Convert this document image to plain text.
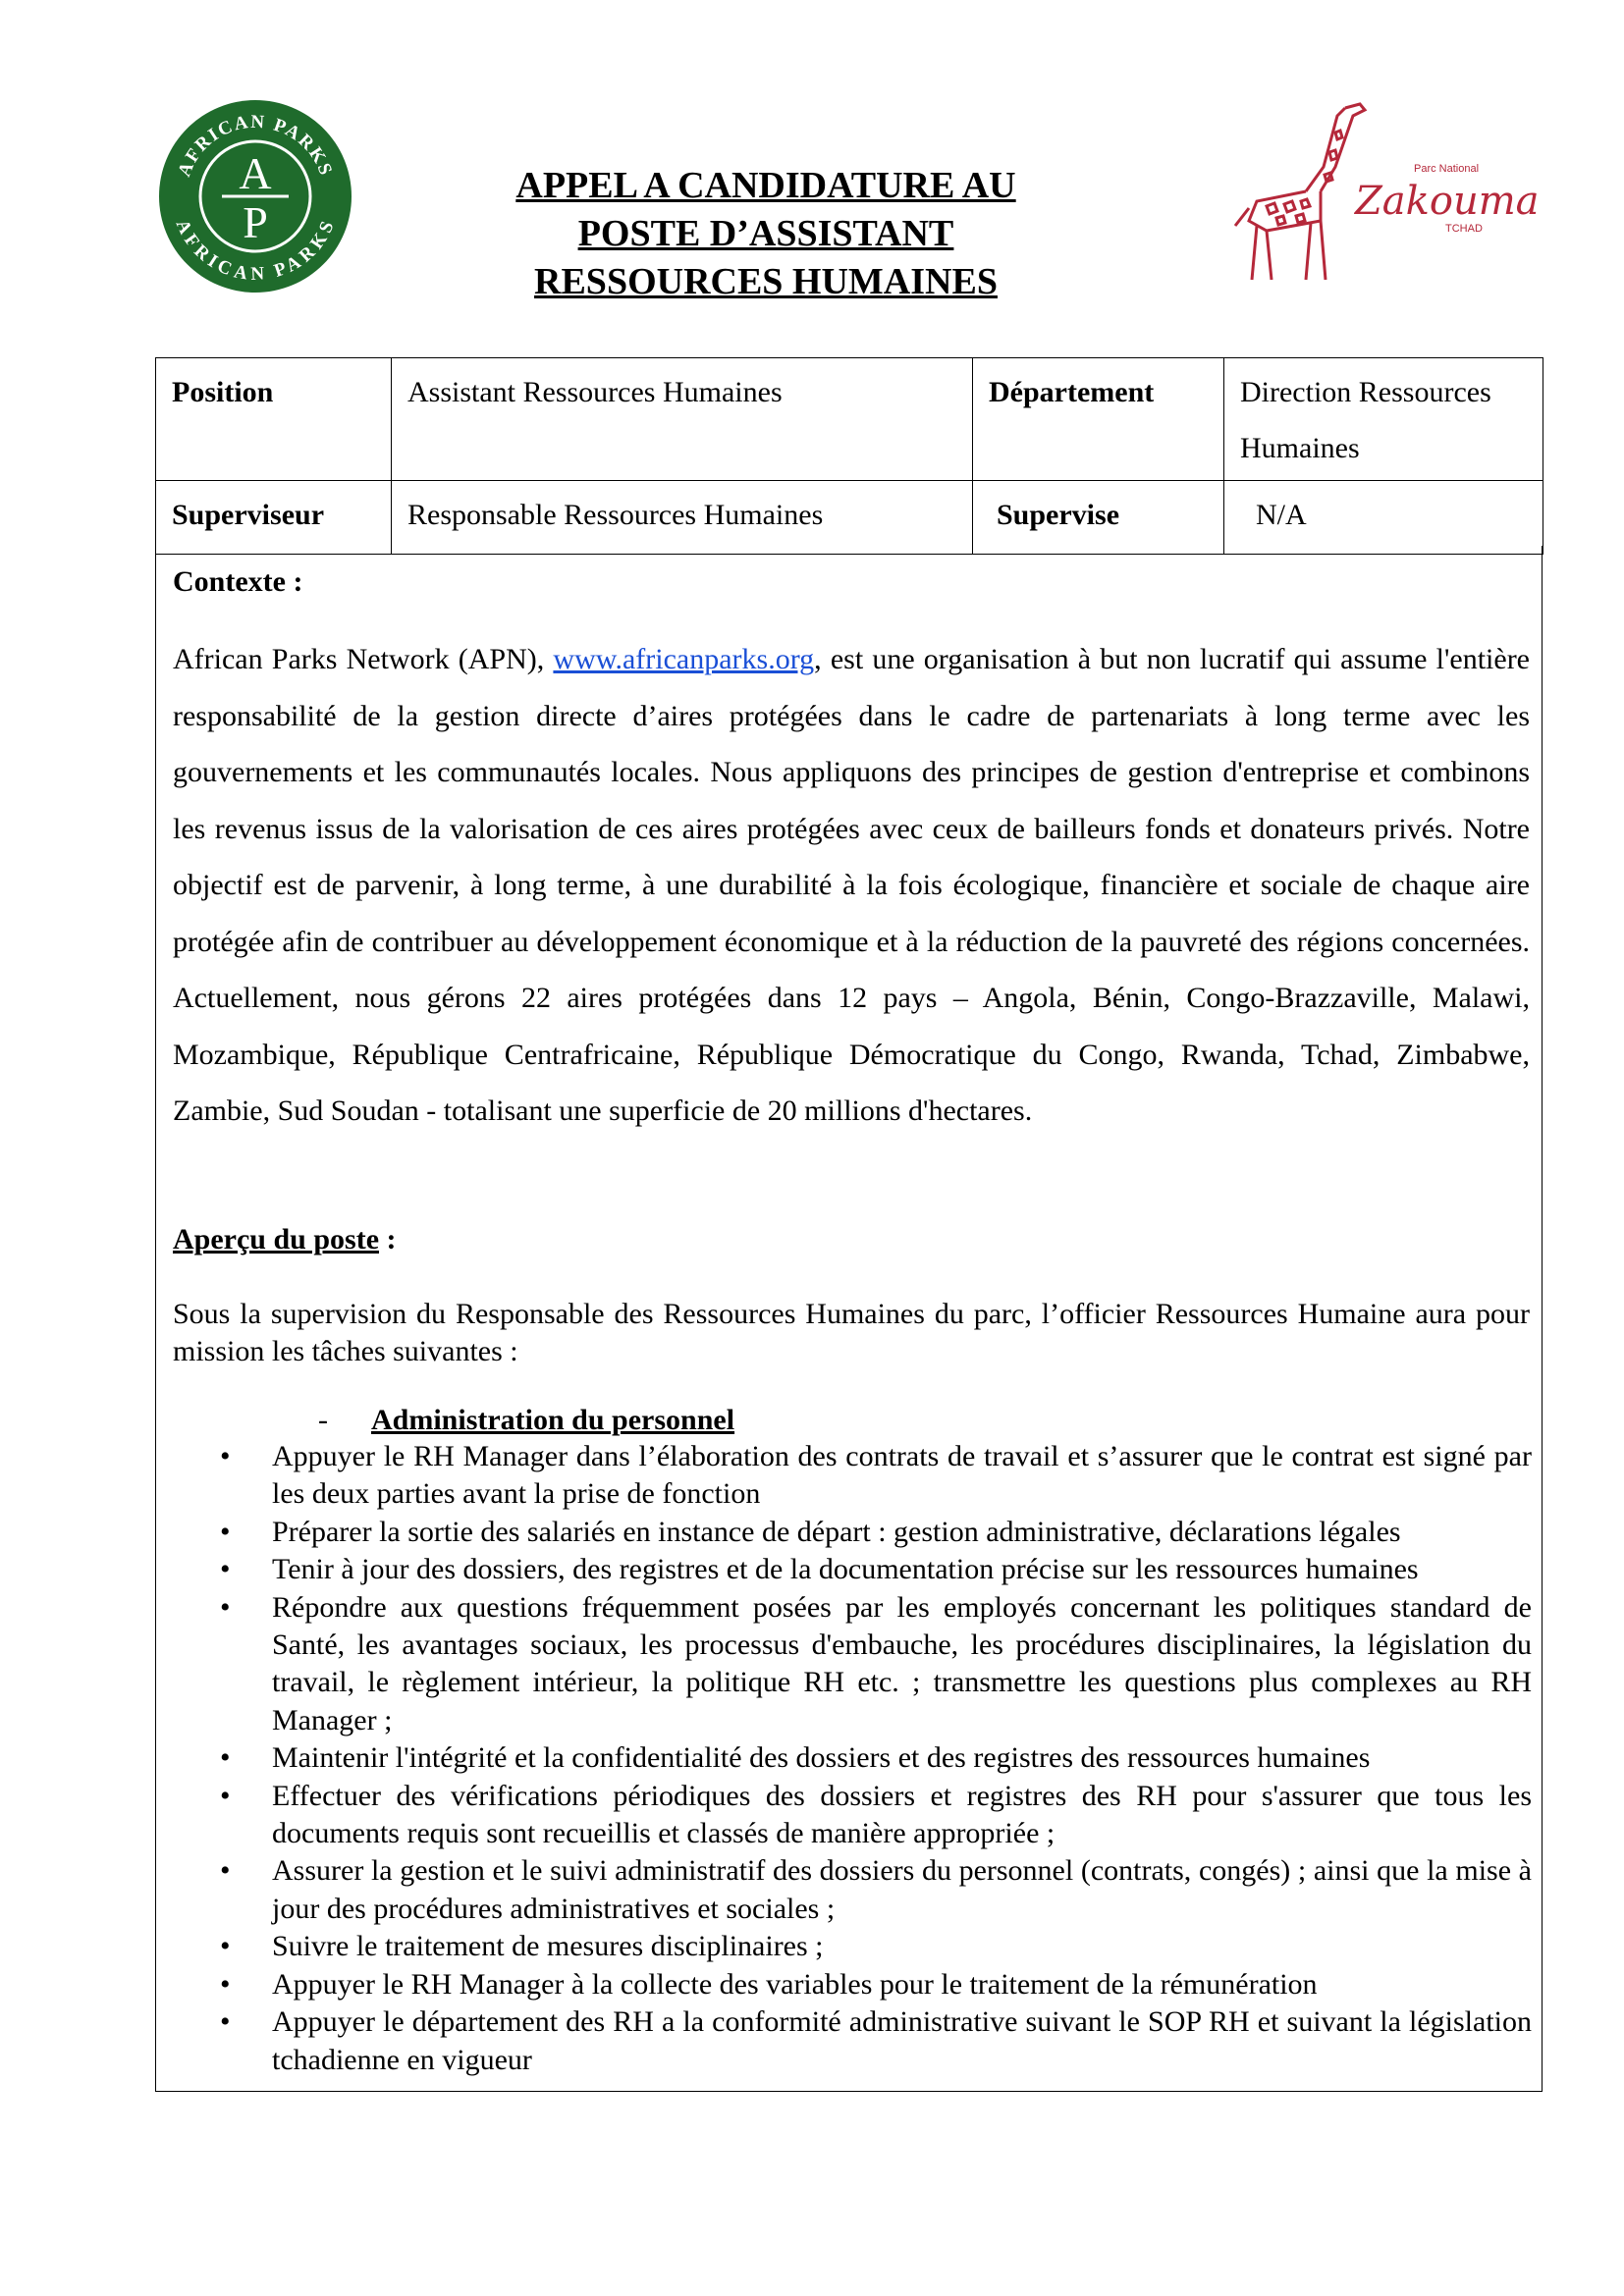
AFRICAN PARKS
AFRICAN PARKS
A
P
APPEL A CANDIDATURE AU
POSTE D’ASSISTANT
RESSOURCES HUMAINES
Parc National
Zakouma
TCHAD
Position	Assistant Ressources Humaines	Département	Direction Ressources Humaines
Superviseur	Responsable Ressources Humaines	Supervise	N/A
Contexte :
African Parks Network (APN), www.africanparks.org, est une organisation à but non lucratif qui assume l'entière responsabilité de la gestion directe d’aires protégées dans le cadre de partenariats à long terme avec les gouvernements et les communautés locales. Nous appliquons des principes de gestion d'entreprise et combinons les revenus issus de la valorisation de ces aires protégées avec ceux de bailleurs fonds et donateurs privés. Notre objectif est de parvenir, à long terme, à une durabilité à la fois écologique, financière et sociale de chaque aire protégée afin de contribuer au développement économique et à la réduction de la pauvreté des régions concernées. Actuellement, nous gérons 22 aires protégées dans 12 pays – Angola, Bénin, Congo-Brazzaville, Malawi, Mozambique, République Centrafricaine, République Démocratique du Congo, Rwanda, Tchad, Zimbabwe, Zambie, Sud Soudan - totalisant une superficie de 20 millions d'hectares.
Aperçu du poste :
Sous la supervision du Responsable des Ressources Humaines du parc, l’officier Ressources Humaine aura pour mission les tâches suivantes :
- Administration du personnel
• Appuyer le RH Manager dans l’élaboration des contrats de travail et s’assurer que le contrat est signé par les deux parties avant la prise de fonction
• Préparer la sortie des salariés en instance de départ : gestion administrative, déclarations légales
• Tenir à jour des dossiers, des registres et de la documentation précise sur les ressources humaines
• Répondre aux questions fréquemment posées par les employés concernant les politiques standard de Santé, les avantages sociaux, les processus d'embauche, les procédures disciplinaires, la législation du travail, le règlement intérieur, la politique RH etc. ; transmettre les questions plus complexes au RH Manager ;
• Maintenir l'intégrité et la confidentialité des dossiers et des registres des ressources humaines
• Effectuer des vérifications périodiques des dossiers et registres des RH pour s'assurer que tous les documents requis sont recueillis et classés de manière appropriée ;
• Assurer la gestion et le suivi administratif des dossiers du personnel (contrats, congés) ; ainsi que la mise à jour des procédures administratives et sociales ;
• Suivre le traitement de mesures disciplinaires ;
• Appuyer le RH Manager à la collecte des variables pour le traitement de la rémunération
• Appuyer le département des RH a la conformité administrative suivant le SOP RH et suivant la législation tchadienne en vigueur
